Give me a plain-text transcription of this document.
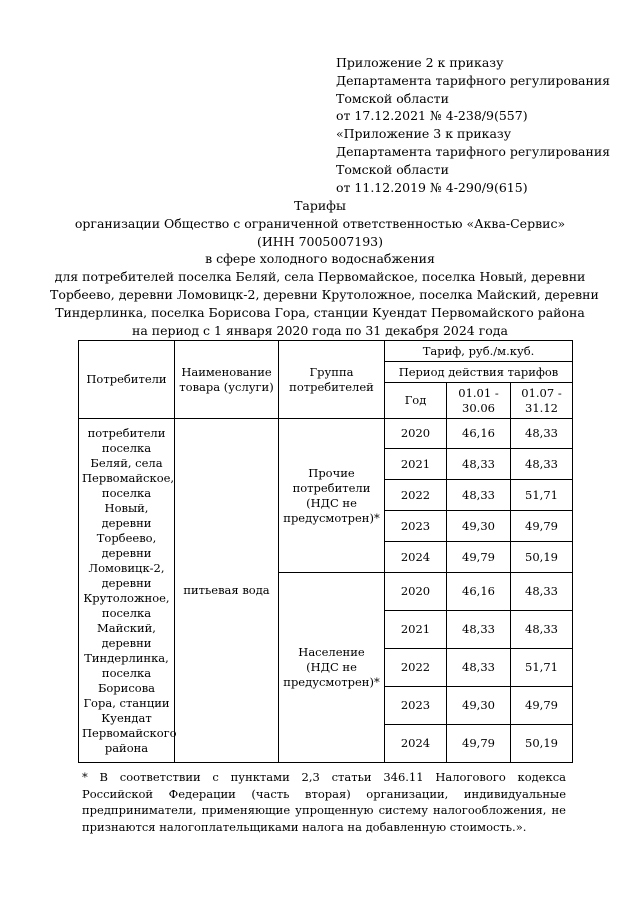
Приложение 2 к приказу
Департамента тарифного регулирования
Томской области
от 17.12.2021 № 4-238/9(557)
«Приложение 3 к приказу
Департамента тарифного регулирования
Томской области
от 11.12.2019 № 4-290/9(615)
Тарифы
организации Общество с ограниченной ответственностью «Аква-Сервис»
(ИНН 7005007193)
в сфере холодного водоснабжения
для потребителей поселка Беляй, села Первомайское, поселка Новый, деревни
Торбеево, деревни Ломовицк-2, деревни Крутоложное, поселка Майский, деревни
Тиндерлинка, поселка Борисова Гора, станции Куендат Первомайского района
на период с 1 января 2020 года по 31 декабря 2024 года
Потребители	Наименование товара (услуги)	Группа потребителей	Тариф, руб./м.куб.		
			Период действия тарифов		
			Год	01.01 - 30.06	01.07 - 31.12
потребители поселка Беляй, села Первомайское, поселка Новый, деревни Торбеево, деревни Ломовицк-2, деревни Крутоложное, поселка Майский, деревни Тиндерлинка, поселка Борисова Гора, станции Куендат Первомайского района	питьевая вода	Прочие потребители (НДС не предусмотрен)*	2020	46,16	48,33
			2021	48,33	48,33
			2022	48,33	51,71
			2023	49,30	49,79
			2024	49,79	50,19
		Население (НДС не предусмотрен)*	2020	46,16	48,33
			2021	48,33	48,33
			2022	48,33	51,71
			2023	49,30	49,79
			2024	49,79	50,19
* В соответствии с пунктами 2,3 статьи 346.11 Налогового кодекса Российской Федерации (часть вторая) организации, индивидуальные предприниматели, применяющие упрощенную систему налогообложения, не признаются налогоплательщиками налога на добавленную стоимость.».
